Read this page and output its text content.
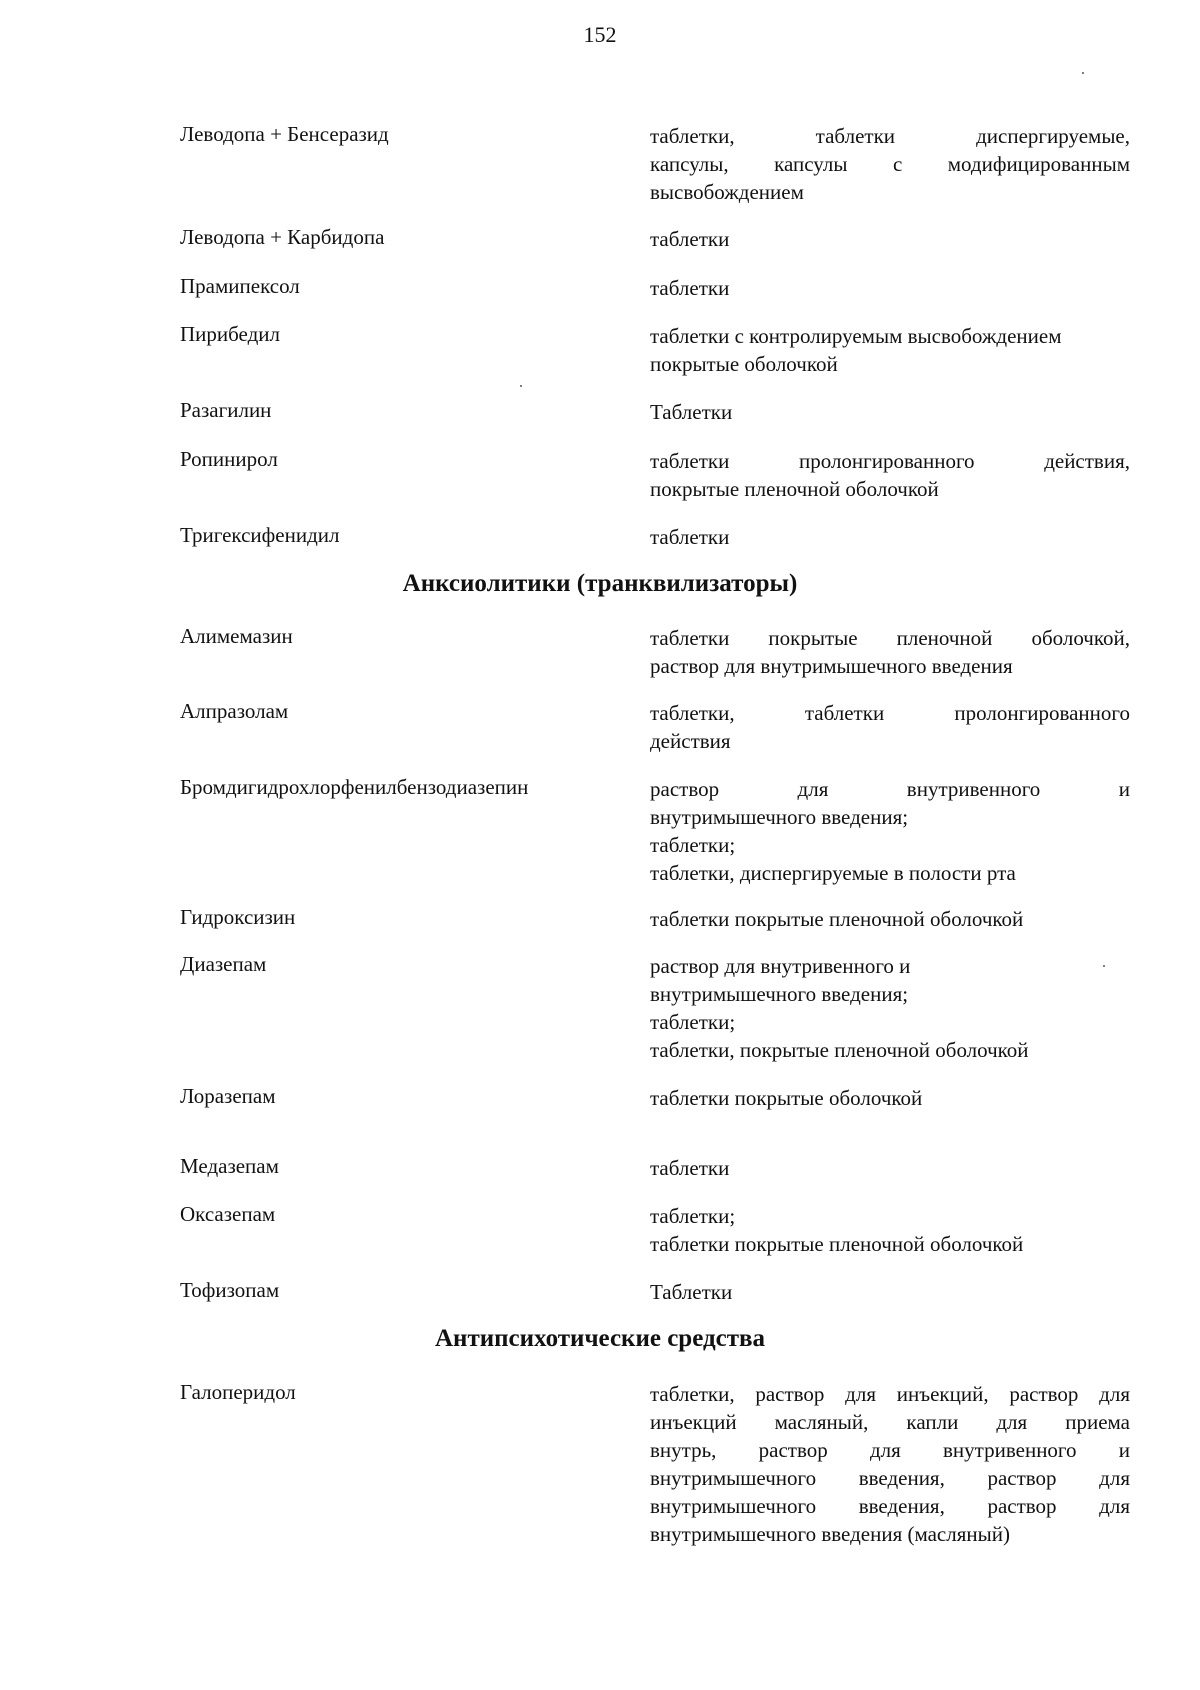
152
Леводопа + Бенсеразид	таблетки, таблетки диспергируемые,
капсулы, капсулы с модифицированным
высвобождением
Леводопа + Карбидопа	таблетки
Прамипексол	таблетки
Пирибедил	таблетки с контролируемым высвобождением
покрытые оболочкой
Разагилин	Таблетки
Ропинирол	таблетки пролонгированного действия,
покрытые пленочной оболочкой
Тригексифенидил	таблетки
Анксиолитики (транквилизаторы)
Алимемазин	таблетки покрытые пленочной оболочкой,
раствор для внутримышечного введения
Алпразолам	таблетки, таблетки пролонгированного
действия
Бромдигидрохлорфенилбензодиазепин	раствор для внутривенного и
внутримышечного введения;
таблетки;
таблетки, диспергируемые в полости рта
Гидроксизин	таблетки покрытые пленочной оболочкой
Диазепам	раствор для внутривенного и
внутримышечного введения;
таблетки;
таблетки, покрытые пленочной оболочкой
Лоразепам	таблетки покрытые оболочкой
Медазепам	таблетки
Оксазепам	таблетки;
таблетки покрытые пленочной оболочкой
Тофизопам	Таблетки
Антипсихотические средства
Галоперидол	таблетки, раствор для инъекций, раствор для
инъекций масляный, капли для приема
внутрь, раствор для внутривенного и
внутримышечного введения, раствор для
внутримышечного введения, раствор для
внутримышечного введения (масляный)
